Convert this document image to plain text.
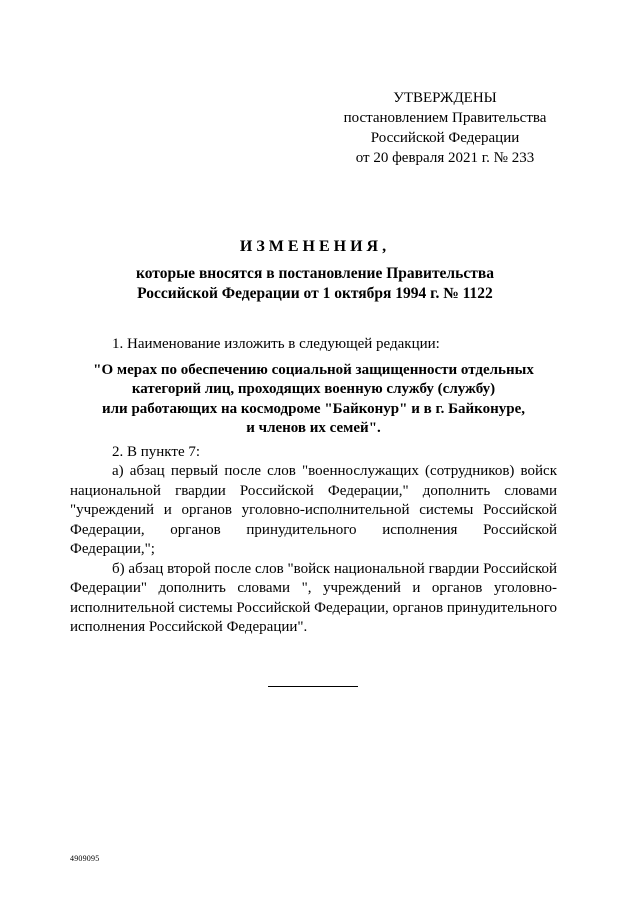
УТВЕРЖДЕНЫ
постановлением Правительства
Российской Федерации
от 20 февраля 2021 г. № 233
ИЗМЕНЕНИЯ,
которые вносятся в постановление Правительства
Российской Федерации от 1 октября 1994 г. № 1122

1. Наименование изложить в следующей редакции:

"О мерах по обеспечению социальной защищенности отдельных
категорий лиц, проходящих военную службу (службу)
или работающих на космодроме "Байконур" и в г. Байконуре,
и членов их семей".

2. В пункте 7:

а) абзац первый после слов "военнослужащих (сотрудников) войск национальной гвардии Российской Федерации," дополнить словами "учреждений и органов уголовно-исполнительной системы Российской Федерации, органов принудительного исполнения Российской Федерации,";

б) абзац второй после слов "войск национальной гвардии Российской Федерации" дополнить словами ", учреждений и органов уголовно-исполнительной системы Российской Федерации, органов принудительного исполнения Российской Федерации".

4909095
